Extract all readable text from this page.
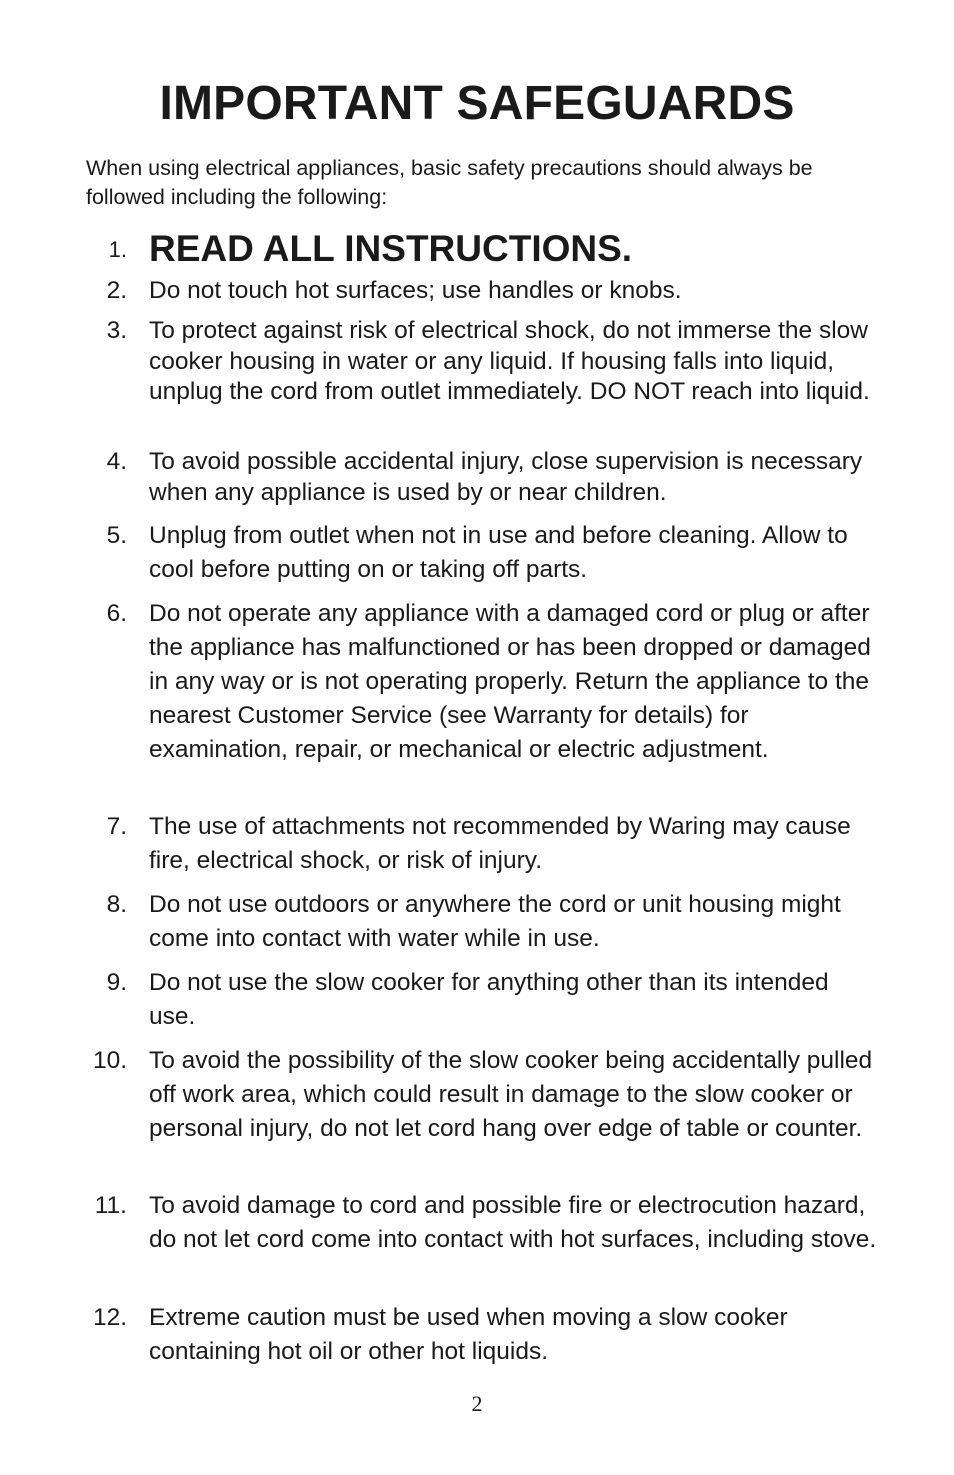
IMPORTANT SAFEGUARDS

When using electrical appliances, basic safety precautions should always be followed including the following:

1. READ ALL INSTRUCTIONS.
2. Do not touch hot surfaces; use handles or knobs.
3. To protect against risk of electrical shock, do not immerse the slow cooker housing in water or any liquid. If housing falls into liquid, unplug the cord from outlet immediately. DO NOT reach into liquid.
4. To avoid possible accidental injury, close supervision is necessary when any appliance is used by or near children.
5. Unplug from outlet when not in use and before cleaning. Allow to cool before putting on or taking off parts.
6. Do not operate any appliance with a damaged cord or plug or after the appliance has malfunctioned or has been dropped or damaged in any way or is not operating properly. Return the appliance to the nearest Customer Service (see Warranty for details) for examination, repair, or mechanical or electric adjustment.
7. The use of attachments not recommended by Waring may cause fire, electrical shock, or risk of injury.
8. Do not use outdoors or anywhere the cord or unit housing might come into contact with water while in use.
9. Do not use the slow cooker for anything other than its intended use.
10. To avoid the possibility of the slow cooker being accidentally pulled off work area, which could result in damage to the slow cooker or personal injury, do not let cord hang over edge of table or counter.
11. To avoid damage to cord and possible fire or electrocution hazard, do not let cord come into contact with hot surfaces, including stove.
12. Extreme caution must be used when moving a slow cooker containing hot oil or other hot liquids.
2
